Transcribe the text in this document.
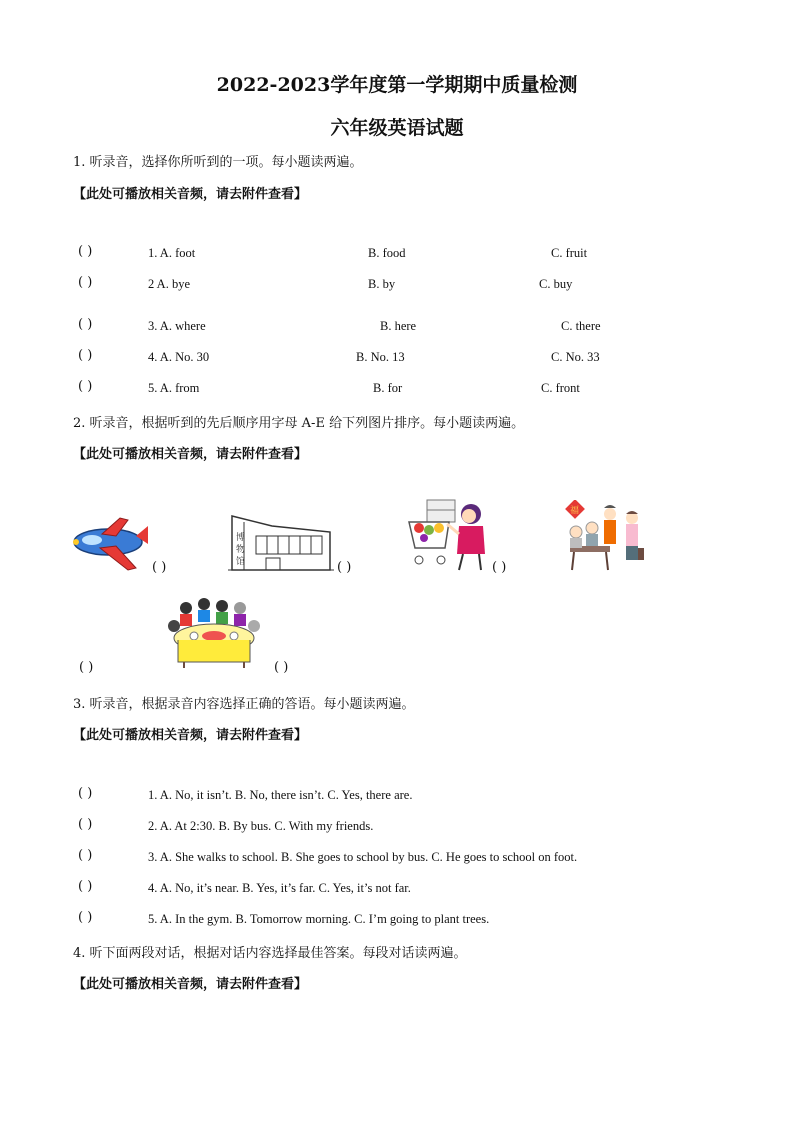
2022-2023学年度第一学期期中质量检测
六年级英语试题
1. 听录音，选择你所听到的一项。每小题读两遍。
【此处可播放相关音频，请去附件查看】
( )	1. A. foot	B. food	C. fruit
( )	2 A. bye	B. by	C. buy
( )	3. A. where	B. here	C. there
( )	4. A. No. 30	B. No. 13	C. No. 33
( )	5. A. from	B. for	C. front
2. 听录音，根据听到的先后顺序用字母 A-E 给下列图片排序。每小题读两遍。
【此处可播放相关音频，请去附件查看】
( )
博
物
馆	( )	( )
福
( )	( )
3. 听录音，根据录音内容选择正确的答语。每小题读两遍。
【此处可播放相关音频，请去附件查看】
( )	1. A. No, it isn’t. B. No, there isn’t. C. Yes, there are.
( )	2. A. At 2:30. B. By bus. C. With my friends.
( )	3. A. She walks to school. B. She goes to school by bus. C. He goes to school on foot.
( )	4. A. No, it’s near. B. Yes, it’s far. C. Yes, it’s not far.
( )	5. A. In the gym. B. Tomorrow morning. C. I’m going to plant trees.
4. 听下面两段对话，根据对话内容选择最佳答案。每段对话读两遍。
【此处可播放相关音频，请去附件查看】
